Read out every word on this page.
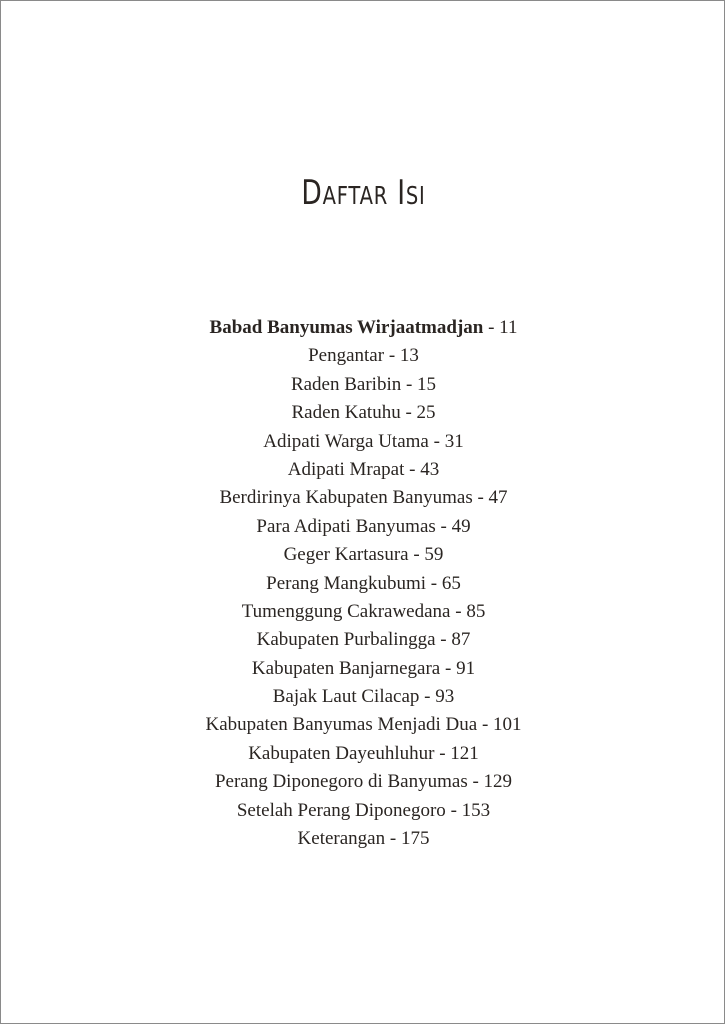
DAFTAR ISI
Babad Banyumas Wirjaatmadjan - 11
Pengantar - 13
Raden Baribin - 15
Raden Katuhu - 25
Adipati Warga Utama - 31
Adipati Mrapat - 43
Berdirinya Kabupaten Banyumas - 47
Para Adipati Banyumas - 49
Geger Kartasura - 59
Perang Mangkubumi - 65
Tumenggung Cakrawedana - 85
Kabupaten Purbalingga - 87
Kabupaten Banjarnegara - 91
Bajak Laut Cilacap - 93
Kabupaten Banyumas Menjadi Dua - 101
Kabupaten Dayeuhluhur - 121
Perang Diponegoro di Banyumas - 129
Setelah Perang Diponegoro - 153
Keterangan - 175
